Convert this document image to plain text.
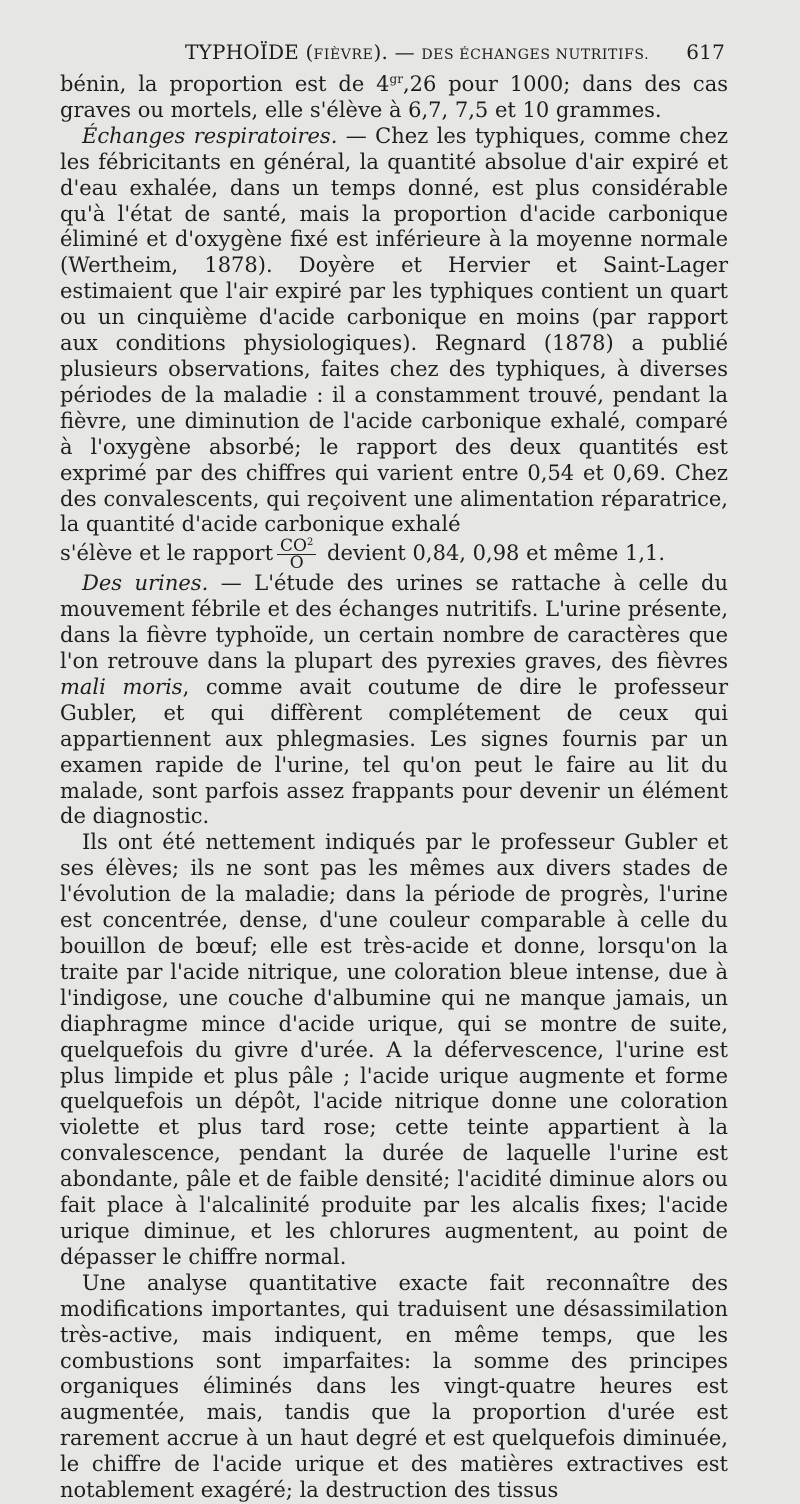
TYPHOÏDE (FIÈVRE). — DES ÉCHANGES NUTRITIFS. 617

bénin, la proportion est de $4^{gr},26$ pour 1000; dans des cas graves ou mortels, elle s'élève à 6,7, 7,5 et 10 grammes.

Échanges respiratoires. — Chez les typhiques, comme chez les fébricitants en général, la quantité absolue d'air expiré et d'eau exhalée, dans un temps donné, est plus considérable qu'à l'état de santé, mais la proportion d'acide carbonique éliminé et d'oxygène fixé est inférieure à la moyenne normale (Wertheim, 1878). Doyère et Hervier et Saint-Lager estimaient que l'air expiré par les typhiques contient un quart ou un cinquième d'acide carbonique en moins (par rapport aux conditions physiologiques). Regnard (1878) a publié plusieurs observations, faites chez des typhiques, à diverses périodes de la maladie : il a constamment trouvé, pendant la fièvre, une diminution de l'acide carbonique exhalé, comparé à l'oxygène absorbé; le rapport des deux quantités est exprimé par des chiffres qui varient entre 0,54 et 0,69. Chez des convalescents, qui reçoivent une alimentation réparatrice, la quantité d'acide carbonique exhalé

s'élève et le rapport $\frac{CO^2}{O}$ devient 0,84, 0,98 et même 1,1.

Des urines. — L'étude des urines se rattache à celle du mouvement fébrile et des échanges nutritifs. L'urine présente, dans la fièvre typhoïde, un certain nombre de caractères que l'on retrouve dans la plupart des pyrexies graves, des fièvres mali moris, comme avait coutume de dire le professeur Gubler, et qui diffèrent complétement de ceux qui appartiennent aux phlegmasies. Les signes fournis par un examen rapide de l'urine, tel qu'on peut le faire au lit du malade, sont parfois assez frappants pour devenir un élément de diagnostic.

Ils ont été nettement indiqués par le professeur Gubler et ses élèves; ils ne sont pas les mêmes aux divers stades de l'évolution de la maladie; dans la période de progrès, l'urine est concentrée, dense, d'une couleur comparable à celle du bouillon de bœuf; elle est très-acide et donne, lorsqu'on la traite par l'acide nitrique, une coloration bleue intense, due à l'indigose, une couche d'albumine qui ne manque jamais, un diaphragme mince d'acide urique, qui se montre de suite, quelquefois du givre d'urée. A la défervescence, l'urine est plus limpide et plus pâle ; l'acide urique augmente et forme quelquefois un dépôt, l'acide nitrique donne une coloration violette et plus tard rose; cette teinte appartient à la convalescence, pendant la durée de laquelle l'urine est abondante, pâle et de faible densité; l'acidité diminue alors ou fait place à l'alcalinité produite par les alcalis fixes; l'acide urique diminue, et les chlorures augmentent, au point de dépasser le chiffre normal.

Une analyse quantitative exacte fait reconnaître des modifications importantes, qui traduisent une désassimilation très-active, mais indiquent, en même temps, que les combustions sont imparfaites: la somme des principes organiques éliminés dans les vingt-quatre heures est augmentée, mais, tandis que la proportion d'urée est rarement accrue à un haut degré et est quelquefois diminuée, le chiffre de l'acide urique et des matières extractives est notablement exagéré; la destruction des tissus
